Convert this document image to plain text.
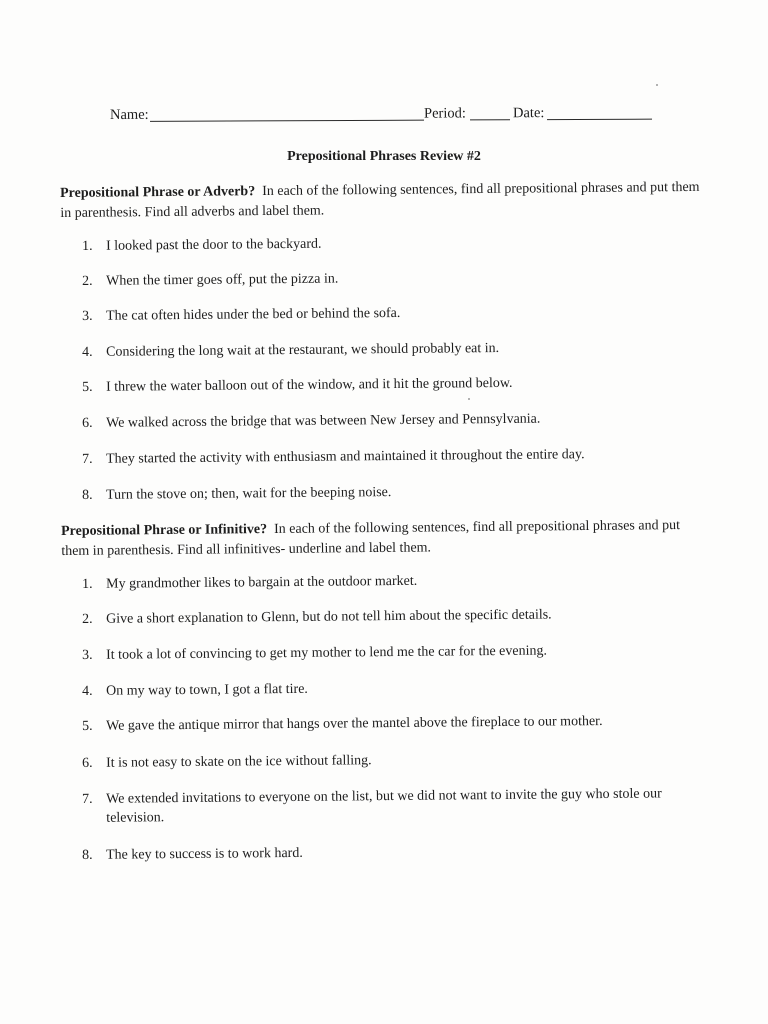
Name:	Period:	Date:
Prepositional Phrases Review #2
Prepositional Phrase or Adverb? In each of the following sentences, find all prepositional phrases and put them in parenthesis. Find all adverbs and label them.
1. I looked past the door to the backyard.
2. When the timer goes off, put the pizza in.
3. The cat often hides under the bed or behind the sofa.
4. Considering the long wait at the restaurant, we should probably eat in.
5. I threw the water balloon out of the window, and it hit the ground below.
6. We walked across the bridge that was between New Jersey and Pennsylvania.
7. They started the activity with enthusiasm and maintained it throughout the entire day.
8. Turn the stove on; then, wait for the beeping noise.
Prepositional Phrase or Infinitive? In each of the following sentences, find all prepositional phrases and put them in parenthesis. Find all infinitives- underline and label them.
1. My grandmother likes to bargain at the outdoor market.
2. Give a short explanation to Glenn, but do not tell him about the specific details.
3. It took a lot of convincing to get my mother to lend me the car for the evening.
4. On my way to town, I got a flat tire.
5. We gave the antique mirror that hangs over the mantel above the fireplace to our mother.
6. It is not easy to skate on the ice without falling.
7. We extended invitations to everyone on the list, but we did not want to invite the guy who stole our television.
8. The key to success is to work hard.
